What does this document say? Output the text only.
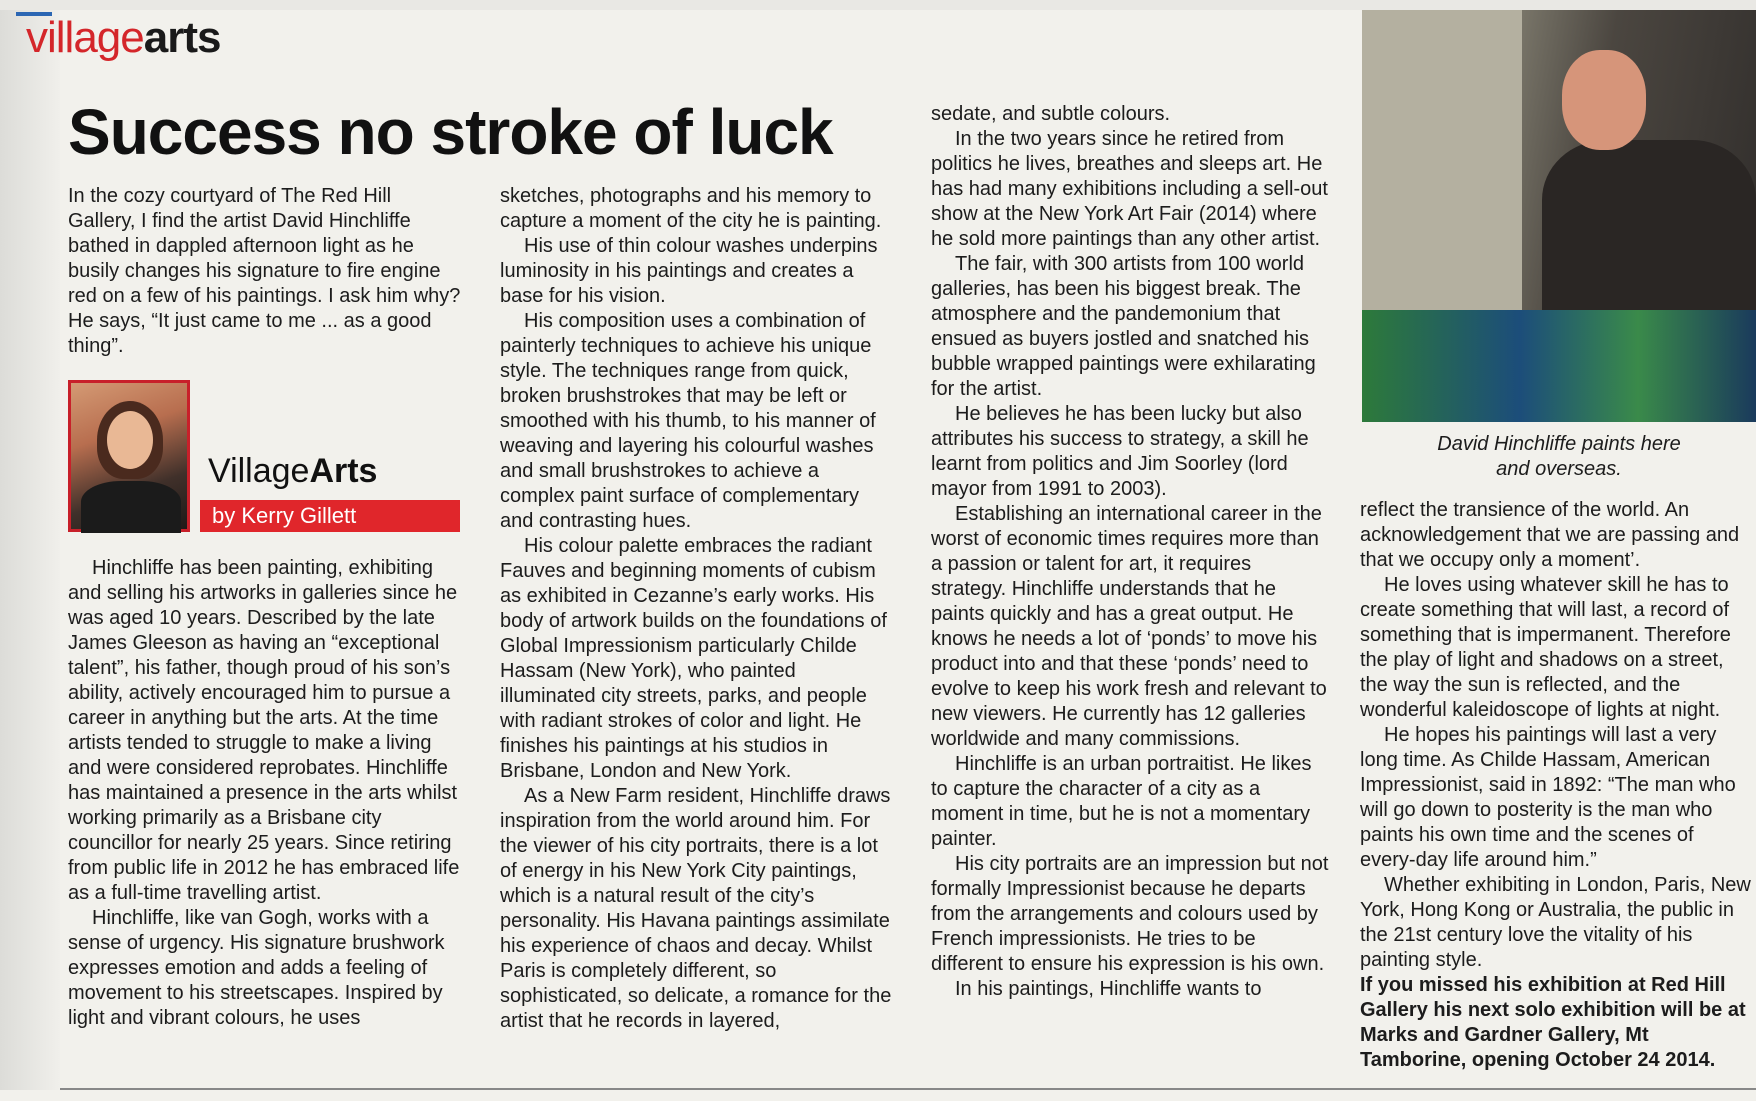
villagearts
Success no stroke of luck

In the cozy courtyard of The Red Hill Gallery, I find the artist David Hinchliffe bathed in dappled afternoon light as he busily changes his signature to fire engine red on a few of his paintings. I ask him why? He says, “It just came to me ... as a good thing”.

VillageArts
by Kerry Gillett

Hinchliffe has been painting, exhibiting and selling his artworks in galleries since he was aged 10 years. Described by the late James Gleeson as having an “exceptional talent”, his father, though proud of his son’s ability, actively encouraged him to pursue a career in anything but the arts. At the time artists tended to struggle to make a living and were considered reprobates. Hinchliffe has maintained a presence in the arts whilst working primarily as a Brisbane city councillor for nearly 25 years. Since retiring from public life in 2012 he has embraced life as a full-time travelling artist.

Hinchliffe, like van Gogh, works with a sense of urgency. His signature brushwork expresses emotion and adds a feeling of movement to his streetscapes. Inspired by light and vibrant colours, he uses

sketches, photographs and his memory to capture a moment of the city he is painting.

His use of thin colour washes underpins luminosity in his paintings and creates a base for his vision.

His composition uses a combination of painterly techniques to achieve his unique style. The techniques range from quick, broken brushstrokes that may be left or smoothed with his thumb, to his manner of weaving and layering his colourful washes and small brushstrokes to achieve a complex paint surface of complementary and contrasting hues.

His colour palette embraces the radiant Fauves and beginning moments of cubism as exhibited in Cezanne’s early works. His body of artwork builds on the foundations of Global Impressionism particularly Childe Hassam (New York), who painted illuminated city streets, parks, and people with radiant strokes of color and light. He finishes his paintings at his studios in Brisbane, London and New York.

As a New Farm resident, Hinchliffe draws inspiration from the world around him. For the viewer of his city portraits, there is a lot of energy in his New York City paintings, which is a natural result of the city’s personality. His Havana paintings assimilate his experience of chaos and decay. Whilst Paris is completely different, so sophisticated, so delicate, a romance for the artist that he records in layered,

sedate, and subtle colours.

In the two years since he retired from politics he lives, breathes and sleeps art. He has had many exhibitions including a sell-out show at the New York Art Fair (2014) where he sold more paintings than any other artist.

The fair, with 300 artists from 100 world galleries, has been his biggest break. The atmosphere and the pandemonium that ensued as buyers jostled and snatched his bubble wrapped paintings were exhilarating for the artist.

He believes he has been lucky but also attributes his success to strategy, a skill he learnt from politics and Jim Soorley (lord mayor from 1991 to 2003).

Establishing an international career in the worst of economic times requires more than a passion or talent for art, it requires strategy. Hinchliffe understands that he paints quickly and has a great output. He knows he needs a lot of ‘ponds’ to move his product into and that these ‘ponds’ need to evolve to keep his work fresh and relevant to new viewers. He currently has 12 galleries worldwide and many commissions.

Hinchliffe is an urban portraitist. He likes to capture the character of a city as a moment in time, but he is not a momentary painter.

His city portraits are an impression but not formally Impressionist because he departs from the arrangements and colours used by French impressionists. He tries to be different to ensure his expression is his own.

In his paintings, Hinchliffe wants to

David Hinchliffe paints here
and overseas.

reflect the transience of the world. An acknowledgement that we are passing and that we occupy only a moment’.

He loves using whatever skill he has to create something that will last, a record of something that is impermanent. Therefore the play of light and shadows on a street, the way the sun is reflected, and the wonderful kaleidoscope of lights at night.

He hopes his paintings will last a very long time. As Childe Hassam, American Impressionist, said in 1892: “The man who will go down to posterity is the man who paints his own time and the scenes of every-day life around him.”

Whether exhibiting in London, Paris, New York, Hong Kong or Australia, the public in the 21st century love the vitality of his painting style.

If you missed his exhibition at Red Hill Gallery his next solo exhibition will be at Marks and Gardner Gallery, Mt Tamborine, opening October 24 2014.
